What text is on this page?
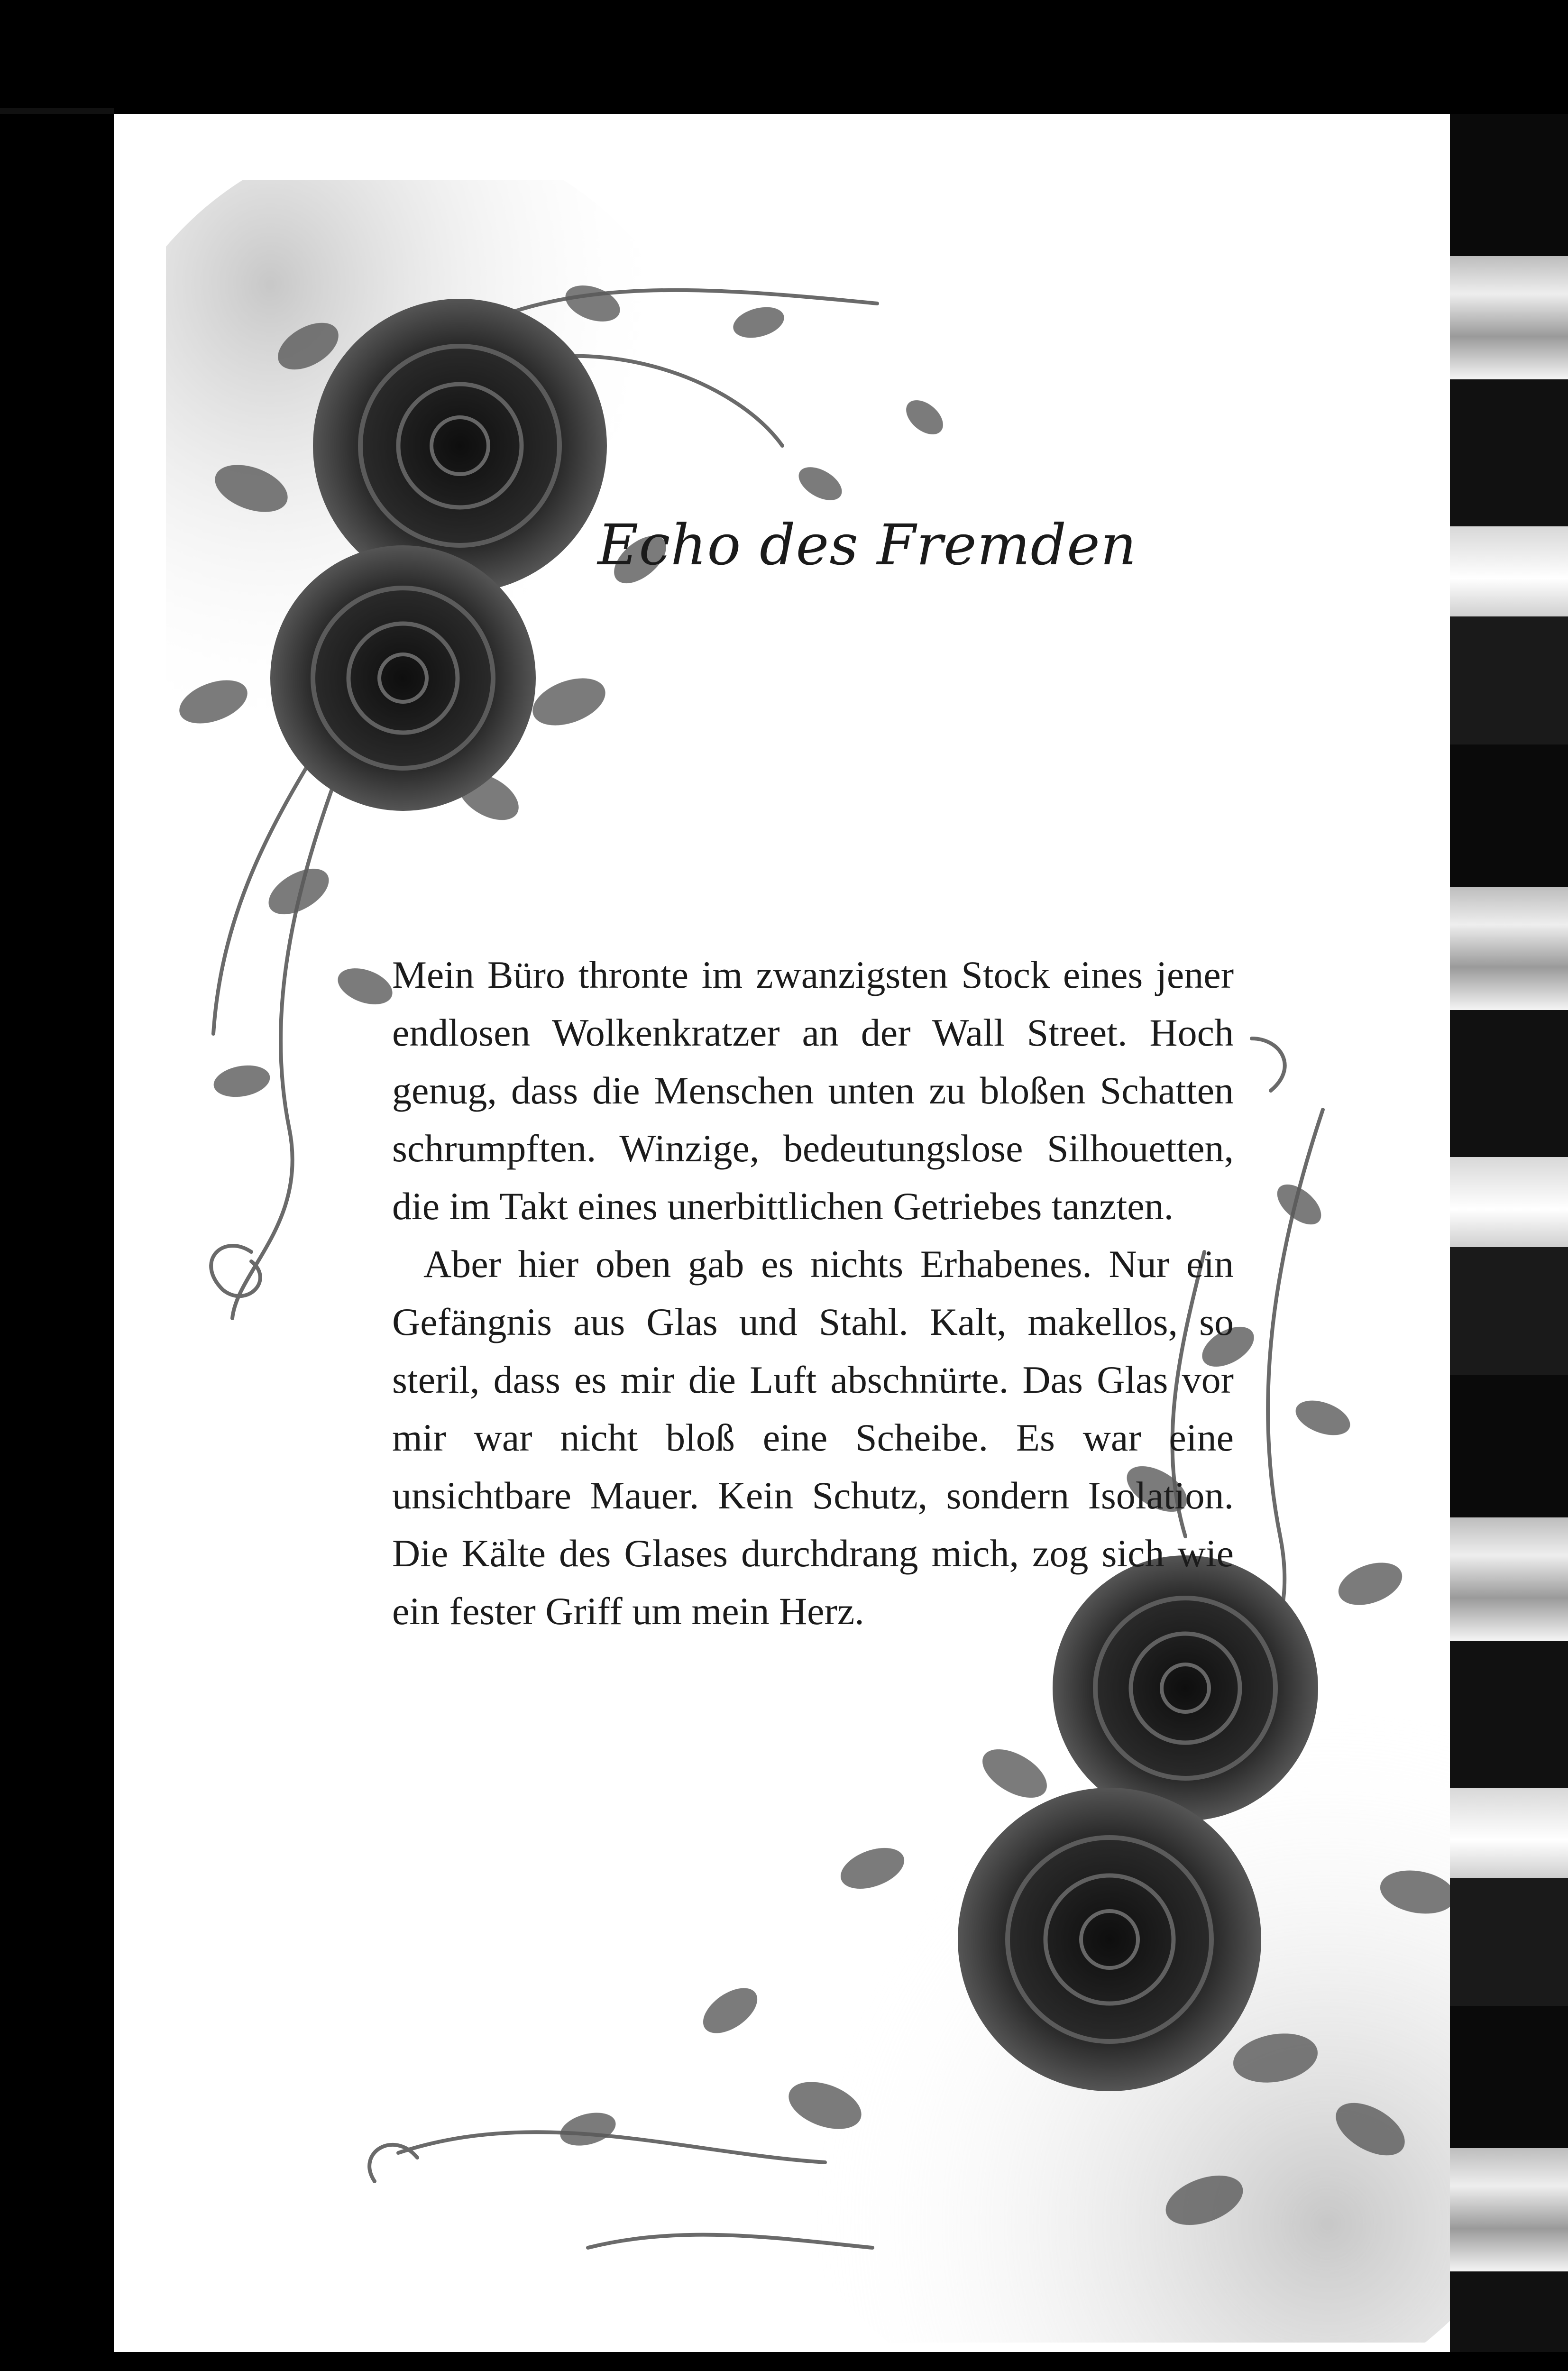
Echo des Fremden

Mein Büro thronte im zwanzigsten Stock eines jener endlosen Wolkenkratzer an der Wall Street. Hoch genug, dass die Menschen unten zu bloßen Schatten schrumpften. Winzige, bedeutungslose Silhouetten, die im Takt eines unerbittlichen Getriebes tanzten.

Aber hier oben gab es nichts Erhabenes. Nur ein Gefängnis aus Glas und Stahl. Kalt, makellos, so steril, dass es mir die Luft abschnürte. Das Glas vor mir war nicht bloß eine Scheibe. Es war eine unsichtbare Mauer. Kein Schutz, sondern Isolation. Die Kälte des Glases durchdrang mich, zog sich wie ein fester Griff um mein Herz.
